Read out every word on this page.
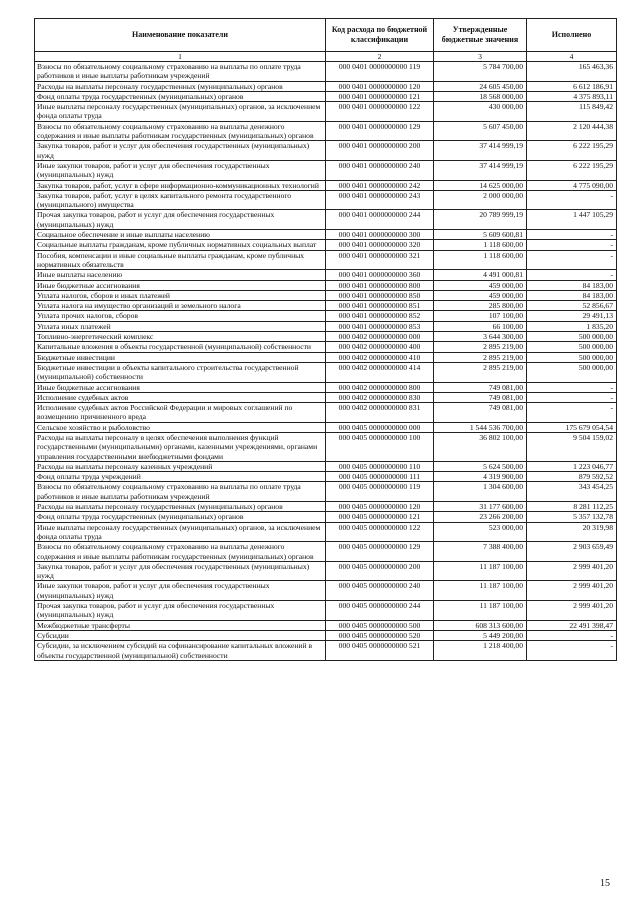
Наименование показатели	Код расхода по бюджетной классификации	Утвержденные бюджетные значения	Исполнено
1	2	3	4
Взносы по обязательному социальному страхованию на выплаты по оплате труда работников и иные выплаты работникам учреждений	000 0401 0000000000 119	5 784 700,00	165 463,36
Расходы на выплаты персоналу государственных (муниципальных) органов	000 0401 0000000000 120	24 605 450,00	6 612 186,91
Фонд оплаты труда государственных (муниципальных) органов	000 0401 0000000000 121	18 568 000,00	4 375 893,11
Иные выплаты персоналу государственных (муниципальных) органов, за исключением фонда оплаты труда	000 0401 0000000000 122	430 000,00	115 849,42
Взносы по обязательному социальному страхованию на выплаты денежного содержания и иные выплаты работникам государственных (муниципальных) органов	000 0401 0000000000 129	5 607 450,00	2 120 444,38
Закупка товаров, работ и услуг для обеспечения государственных (муниципальных) нужд	000 0401 0000000000 200	37 414 999,19	6 222 195,29
Иные закупки товаров, работ и услуг для обеспечения государственных (муниципальных) нужд	000 0401 0000000000 240	37 414 999,19	6 222 195,29
Закупка товаров, работ, услуг в сфере информационно-коммуникационных технологий	000 0401 0000000000 242	14 625 000,00	4 775 090,00
Закупка товаров, работ, услуг в целях капитального ремонта государственного (муниципального) имущества	000 0401 0000000000 243	2 000 000,00	-
Прочая закупка товаров, работ и услуг для обеспечения государственных (муниципальных) нужд	000 0401 0000000000 244	20 789 999,19	1 447 105,29
Социальное обеспечение и иные выплаты населению	000 0401 0000000000 300	5 609 600,81	-
Социальные выплаты гражданам, кроме публичных нормативных социальных выплат	000 0401 0000000000 320	1 118 600,00	-
Пособия, компенсации и иные социальные выплаты гражданам, кроме публичных нормативных обязательств	000 0401 0000000000 321	1 118 600,00	-
Иные выплаты населению	000 0401 0000000000 360	4 491 000,81	-
Иные бюджетные ассигнования	000 0401 0000000000 800	459 000,00	84 183,00
Уплата налогов, сборов и иных платежей	000 0401 0000000000 850	459 000,00	84 183,00
Уплата налога на имущество организаций и земельного налога	000 0401 0000000000 851	285 800,00	52 856,67
Уплата прочих налогов, сборов	000 0401 0000000000 852	107 100,00	29 491,13
Уплата иных платежей	000 0401 0000000000 853	66 100,00	1 835,20
Топливно-энергетический комплекс	000 0402 0000000000 000	3 644 300,00	500 000,00
Капитальные вложения в объекты государственной (муниципальной) собственности	000 0402 0000000000 400	2 895 219,00	500 000,00
Бюджетные инвестиции	000 0402 0000000000 410	2 895 219,00	500 000,00
Бюджетные инвестиции в объекты капитального строительства государственной (муниципальной) собственности	000 0402 0000000000 414	2 895 219,00	500 000,00
Иные бюджетные ассигнования	000 0402 0000000000 800	749 081,00	-
Исполнение судебных актов	000 0402 0000000000 830	749 081,00	-
Исполнение судебных актов Российской Федерации и мировых соглашений по возмещению причиненного вреда	000 0402 0000000000 831	749 081,00	-
Сельское хозяйство и рыболовство	000 0405 0000000000 000	1 544 536 700,00	175 679 054,54
Расходы на выплаты персоналу в целях обеспечения выполнения функций государственными (муниципальными) органами, казенными учреждениями, органами управления государственными внебюджетными фондами	000 0405 0000000000 100	36 802 100,00	9 504 159,02
Расходы на выплаты персоналу казенных учреждений	000 0405 0000000000 110	5 624 500,00	1 223 046,77
Фонд оплаты труда учреждений	000 0405 0000000000 111	4 319 900,00	879 592,52
Взносы по обязательному социальному страхованию на выплаты по оплате труда работников и иные выплаты работникам учреждений	000 0405 0000000000 119	1 304 600,00	343 454,25
Расходы на выплаты персоналу государственных (муниципальных) органов	000 0405 0000000000 120	31 177 600,00	8 281 112,25
Фонд оплаты труда государственных (муниципальных) органов	000 0405 0000000000 121	23 266 200,00	5 357 132,78
Иные выплаты персоналу государственных (муниципальных) органов, за исключением фонда оплаты труда	000 0405 0000000000 122	523 000,00	20 319,98
Взносы по обязательному социальному страхованию на выплаты денежного содержания и иные выплаты работникам государственных (муниципальных) органов	000 0405 0000000000 129	7 388 400,00	2 903 659,49
Закупка товаров, работ и услуг для обеспечения государственных (муниципальных) нужд	000 0405 0000000000 200	11 187 100,00	2 999 401,20
Иные закупки товаров, работ и услуг для обеспечения государственных (муниципальных) нужд	000 0405 0000000000 240	11 187 100,00	2 999 401,20
Прочая закупка товаров, работ и услуг для обеспечения государственных (муниципальных) нужд	000 0405 0000000000 244	11 187 100,00	2 999 401,20
Межбюджетные трансферты	000 0405 0000000000 500	608 313 600,00	22 491 398,47
Субсидии	000 0405 0000000000 520	5 449 200,00	-
Субсидии, за исключением субсидий на софинансирование капитальных вложений в объекты государственной (муниципальной) собственности	000 0405 0000000000 521	1 218 400,00	-
15
